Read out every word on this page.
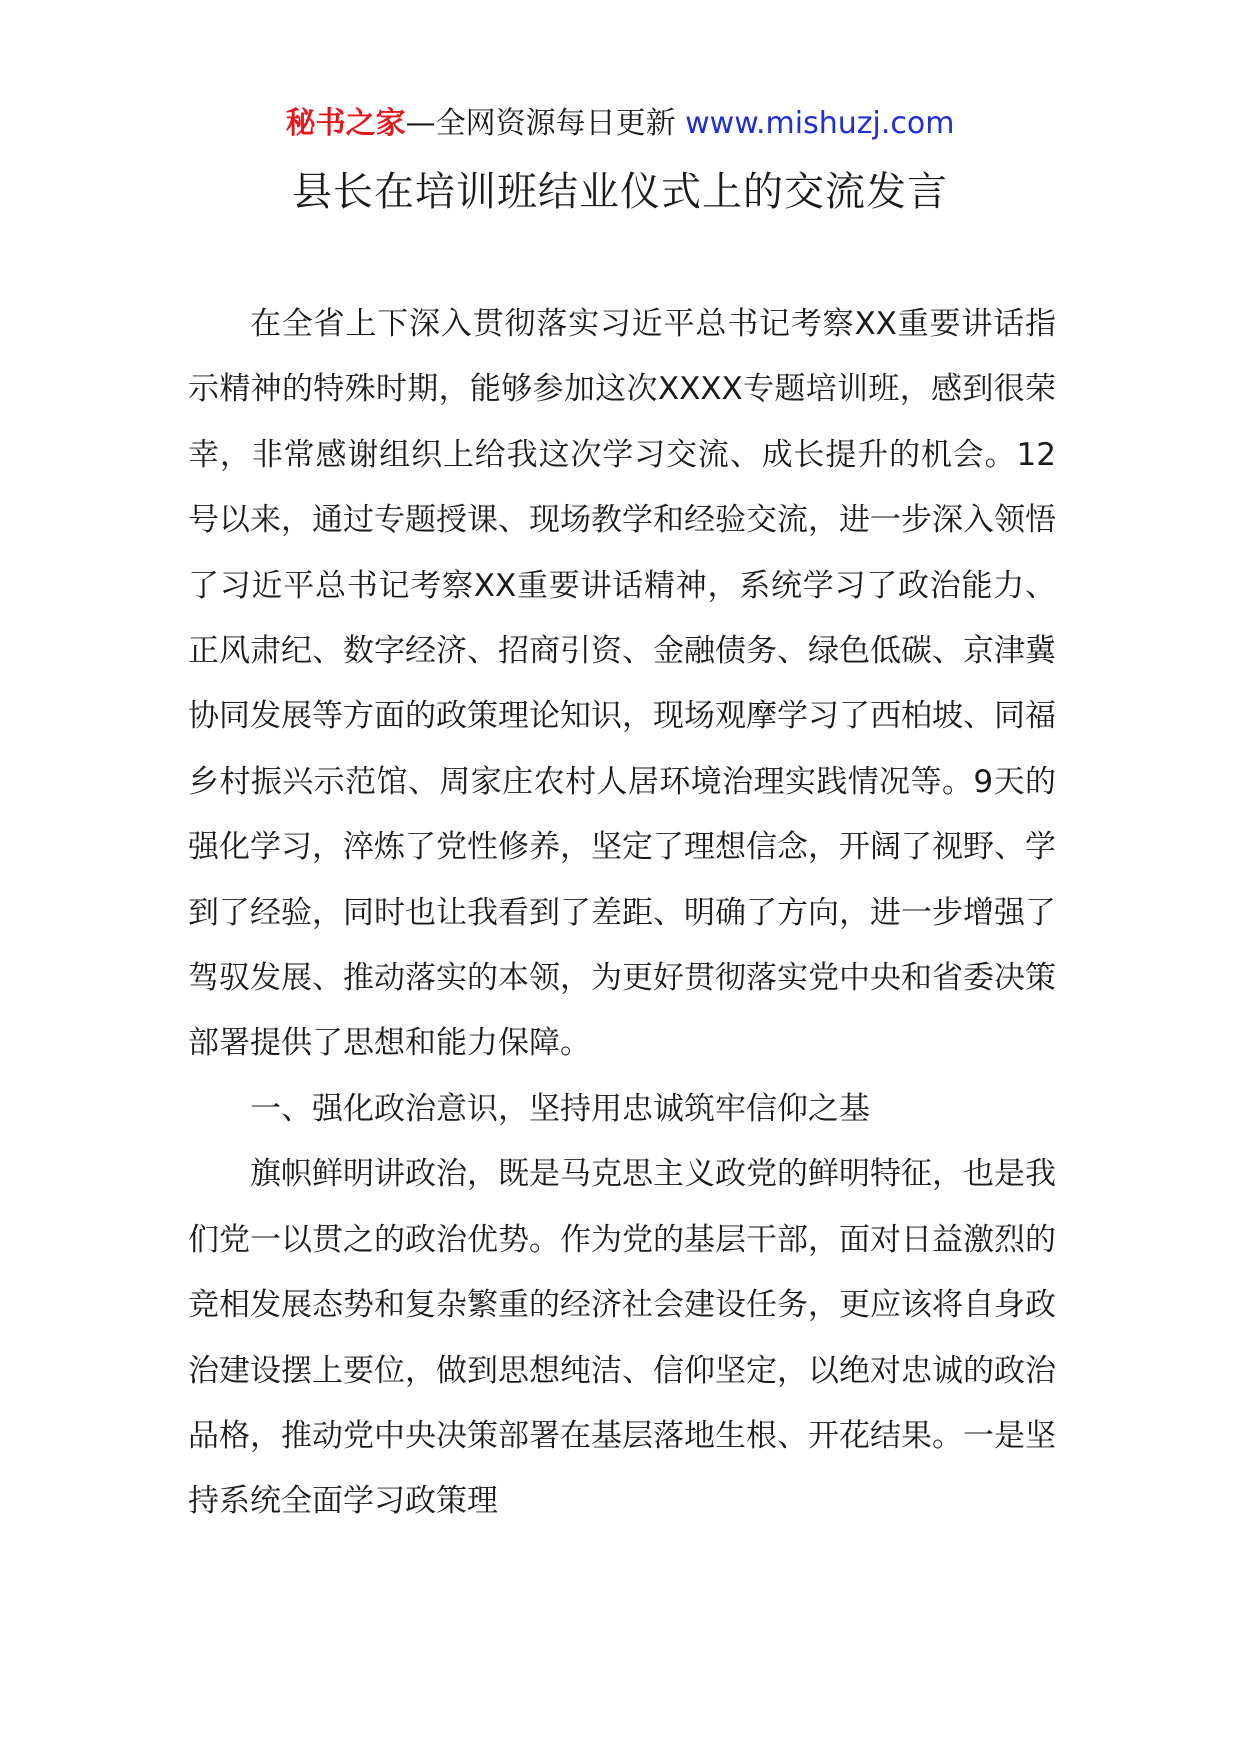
秘书之家—全网资源每日更新 www.mishuzj.com
县长在培训班结业仪式上的交流发言

在全省上下深入贯彻落实习近平总书记考察XX重要讲话指示精神的特殊时期，能够参加这次XXXX专题培训班，感到很荣幸，非常感谢组织上给我这次学习交流、成长提升的机会。12号以来，通过专题授课、现场教学和经验交流，进一步深入领悟了习近平总书记考察XX重要讲话精神，系统学习了政治能力、正风肃纪、数字经济、招商引资、金融债务、绿色低碳、京津冀协同发展等方面的政策理论知识，现场观摩学习了西柏坡、同福乡村振兴示范馆、周家庄农村人居环境治理实践情况等。9天的强化学习，淬炼了党性修养，坚定了理想信念，开阔了视野、学到了经验，同时也让我看到了差距、明确了方向，进一步增强了驾驭发展、推动落实的本领，为更好贯彻落实党中央和省委决策部署提供了思想和能力保障。

一、强化政治意识，坚持用忠诚筑牢信仰之基

旗帜鲜明讲政治，既是马克思主义政党的鲜明特征，也是我们党一以贯之的政治优势。作为党的基层干部，面对日益激烈的竞相发展态势和复杂繁重的经济社会建设任务，更应该将自身政治建设摆上要位，做到思想纯洁、信仰坚定，以绝对忠诚的政治品格，推动党中央决策部署在基层落地生根、开花结果。一是坚持系统全面学习政策理
